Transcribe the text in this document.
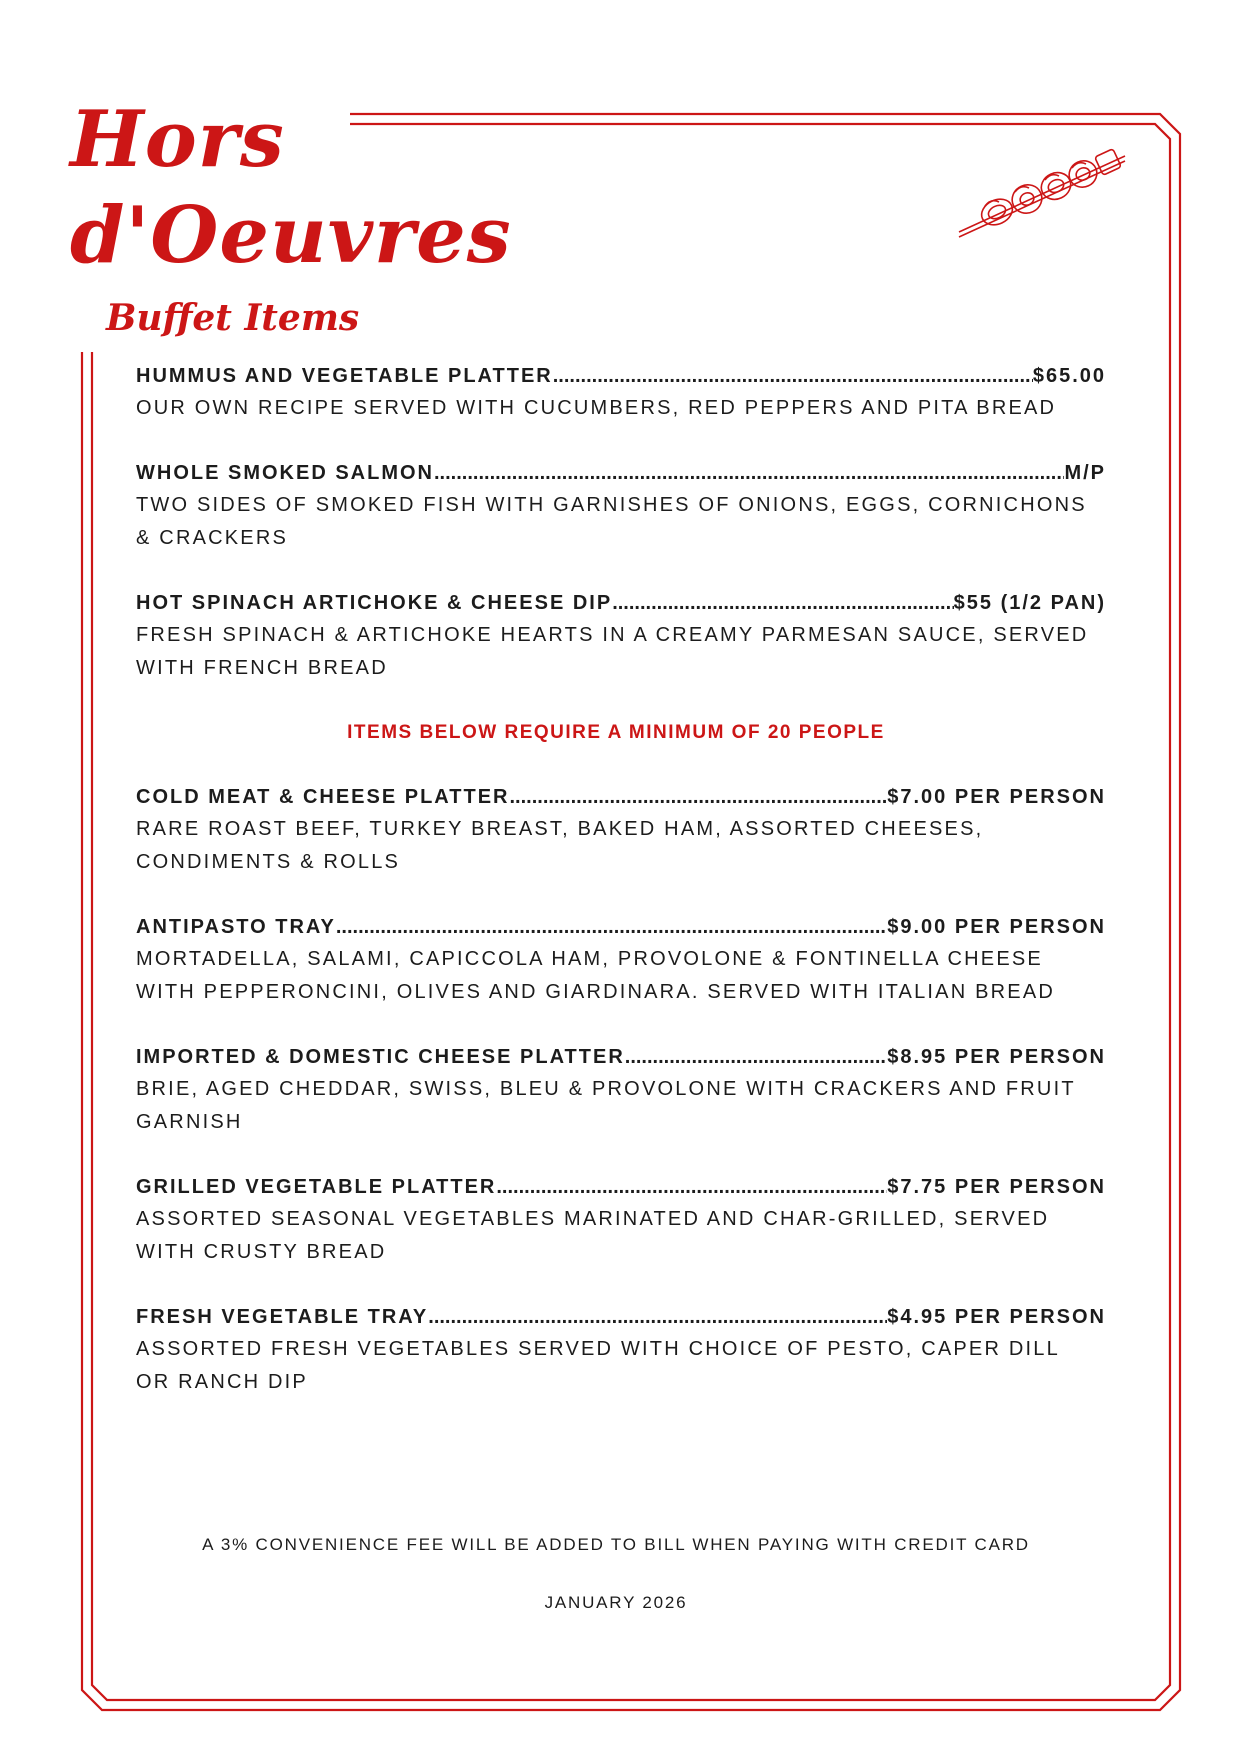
Hors
d'Oeuvres
Buffet Items
HUMMUS AND VEGETABLE PLATTER .....	$65.00
OUR OWN RECIPE SERVED WITH CUCUMBERS, RED PEPPERS AND PITA BREAD
WHOLE SMOKED SALMON .....	M/P
TWO SIDES OF SMOKED FISH WITH GARNISHES OF ONIONS, EGGS, CORNICHONS & CRACKERS
HOT SPINACH ARTICHOKE & CHEESE DIP .....	$55 (1/2 PAN)
FRESH SPINACH & ARTICHOKE HEARTS IN A CREAMY PARMESAN SAUCE, SERVED WITH FRENCH BREAD
ITEMS BELOW REQUIRE A MINIMUM OF 20 PEOPLE
COLD MEAT & CHEESE PLATTER .....	$7.00 PER PERSON
RARE ROAST BEEF, TURKEY BREAST, BAKED HAM, ASSORTED CHEESES, CONDIMENTS & ROLLS
ANTIPASTO TRAY .....	$9.00 PER PERSON
MORTADELLA, SALAMI, CAPICCOLA HAM, PROVOLONE & FONTINELLA CHEESE WITH PEPPERONCINI, OLIVES AND GIARDINARA. SERVED WITH ITALIAN BREAD
IMPORTED & DOMESTIC CHEESE PLATTER .....	$8.95 PER PERSON
BRIE, AGED CHEDDAR, SWISS, BLEU & PROVOLONE WITH CRACKERS AND FRUIT GARNISH
GRILLED VEGETABLE PLATTER .....	$7.75 PER PERSON
ASSORTED SEASONAL VEGETABLES MARINATED AND CHAR-GRILLED, SERVED WITH CRUSTY BREAD
FRESH VEGETABLE TRAY .....	$4.95 PER PERSON
ASSORTED FRESH VEGETABLES SERVED WITH CHOICE OF PESTO, CAPER DILL OR RANCH DIP
A 3% CONVENIENCE FEE WILL BE ADDED TO BILL WHEN PAYING WITH CREDIT CARD
JANUARY 2026
